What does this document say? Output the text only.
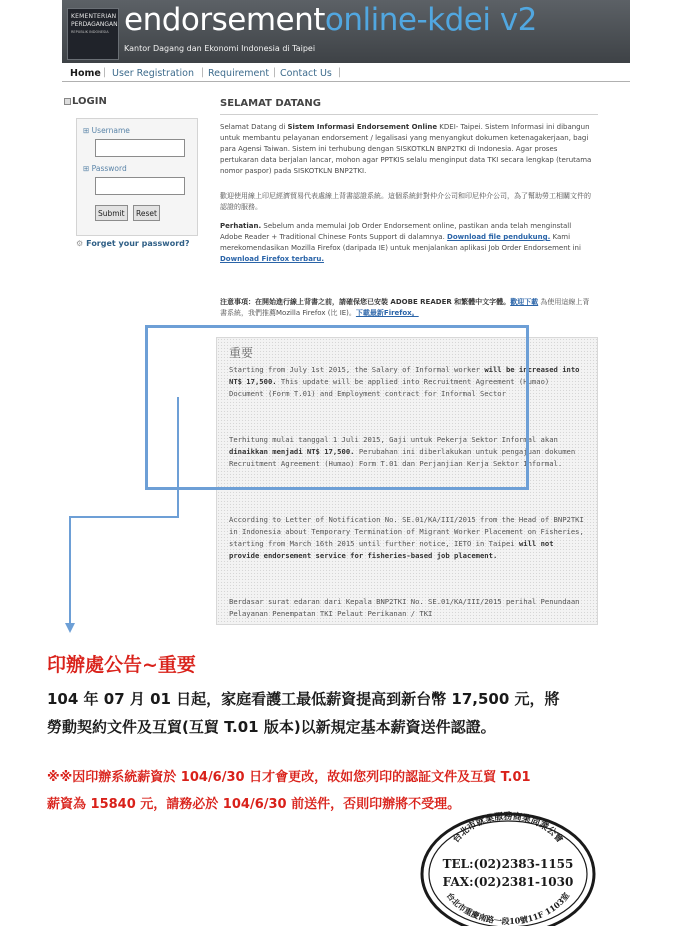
KEMENTERIAN
PERDAGANGAN
REPUBLIK INDONESIA endorsementonline-kdei v2
Kantor Dagang dan Ekonomi Indonesia di Taipei
Home | User Registration | Requirement | Contact Us |
LOGIN
⊞ Username
⊞ Password
Submit	Reset
⚙ Forget your password?
SELAMAT DATANG
Selamat Datang di Sistem Informasi Endorsement Online KDEI- Taipei. Sistem Informasi ini dibangun untuk membantu pelayanan endorsement / legalisasi yang menyangkut dokumen ketenagakerjaan, bagi para Agensi Taiwan. Sistem ini terhubung dengan SISKOTKLN BNP2TKI di Indonesia. Agar proses pertukaran data berjalan lancar, mohon agar PPTKIS selalu menginput data TKI secara lengkap (terutama nomor paspor) pada SISKOTKLN BNP2TKI.
歡迎使用線上印尼經濟貿易代表處線上背書認證系統。這個系統針對仲介公司和印尼仲介公司，為了幫助勞工相關文件的認證的服務。
Perhatian. Sebelum anda memulai Job Order Endorsement online, pastikan anda telah menginstall Adobe Reader + Traditional Chinese Fonts Support di dalamnya. Download file pendukung. Kami merekomendasikan Mozilla Firefox (daripada IE) untuk menjalankan aplikasi Job Order Endorsement ini Download Firefox terbaru.
注意事項：在開始進行線上背書之前，請確保您已安裝 ADOBE READER 和繁體中文字體。歡迎下載 為使用這線上背書系統，我們推薦Mozilla Firefox (比 IE)。下載最新Firefox。
重要
Starting from July 1st 2015, the Salary of Informal worker will be increased into NT$ 17,500. This update will be applied into Recruitment Agreement (Humao) Document (Form T.01) and Employment contract for Informal Sector
Terhitung mulai tanggal 1 Juli 2015, Gaji untuk Pekerja Sektor Informal akan dinaikkan menjadi NT$ 17,500. Perubahan ini diberlakukan untuk pengajuan dokumen Recruitment Agreement (Humao) Form T.01 dan Perjanjian Kerja Sektor Informal.
According to Letter of Notification No. SE.01/KA/III/2015 from the Head of BNP2TKI in Indonesia about Temporary Termination of Migrant Worker Placement on Fisheries, starting from March 16th 2015 until further notice, IETO in Taipei will not provide endorsement service for fisheries-based job placement.
Berdasar surat edaran dari Kepala BNP2TKI No. SE.01/KA/III/2015 perihal Penundaan Pelayanan Penempatan TKI Pelaut Perikanan / TKI
印辦處公告~重要
104 年 07 月 01 日起，家庭看護工最低薪資提高到新台幣 17,500 元，將
勞動契約文件及互貿(互貿 T.01 版本)以新規定基本薪資送件認證。
※※因印辦系統薪資於 104/6/30 日才會更改，故如您列印的認証文件及互貿 T.01
薪資為 15840 元，請務必於 104/6/30 前送件，否則印辦將不受理。
台北市就業服務商業同業公會
TEL:(02)2383-1155
FAX:(02)2381-1030
台北市重慶南路一段10號11F 1103室
